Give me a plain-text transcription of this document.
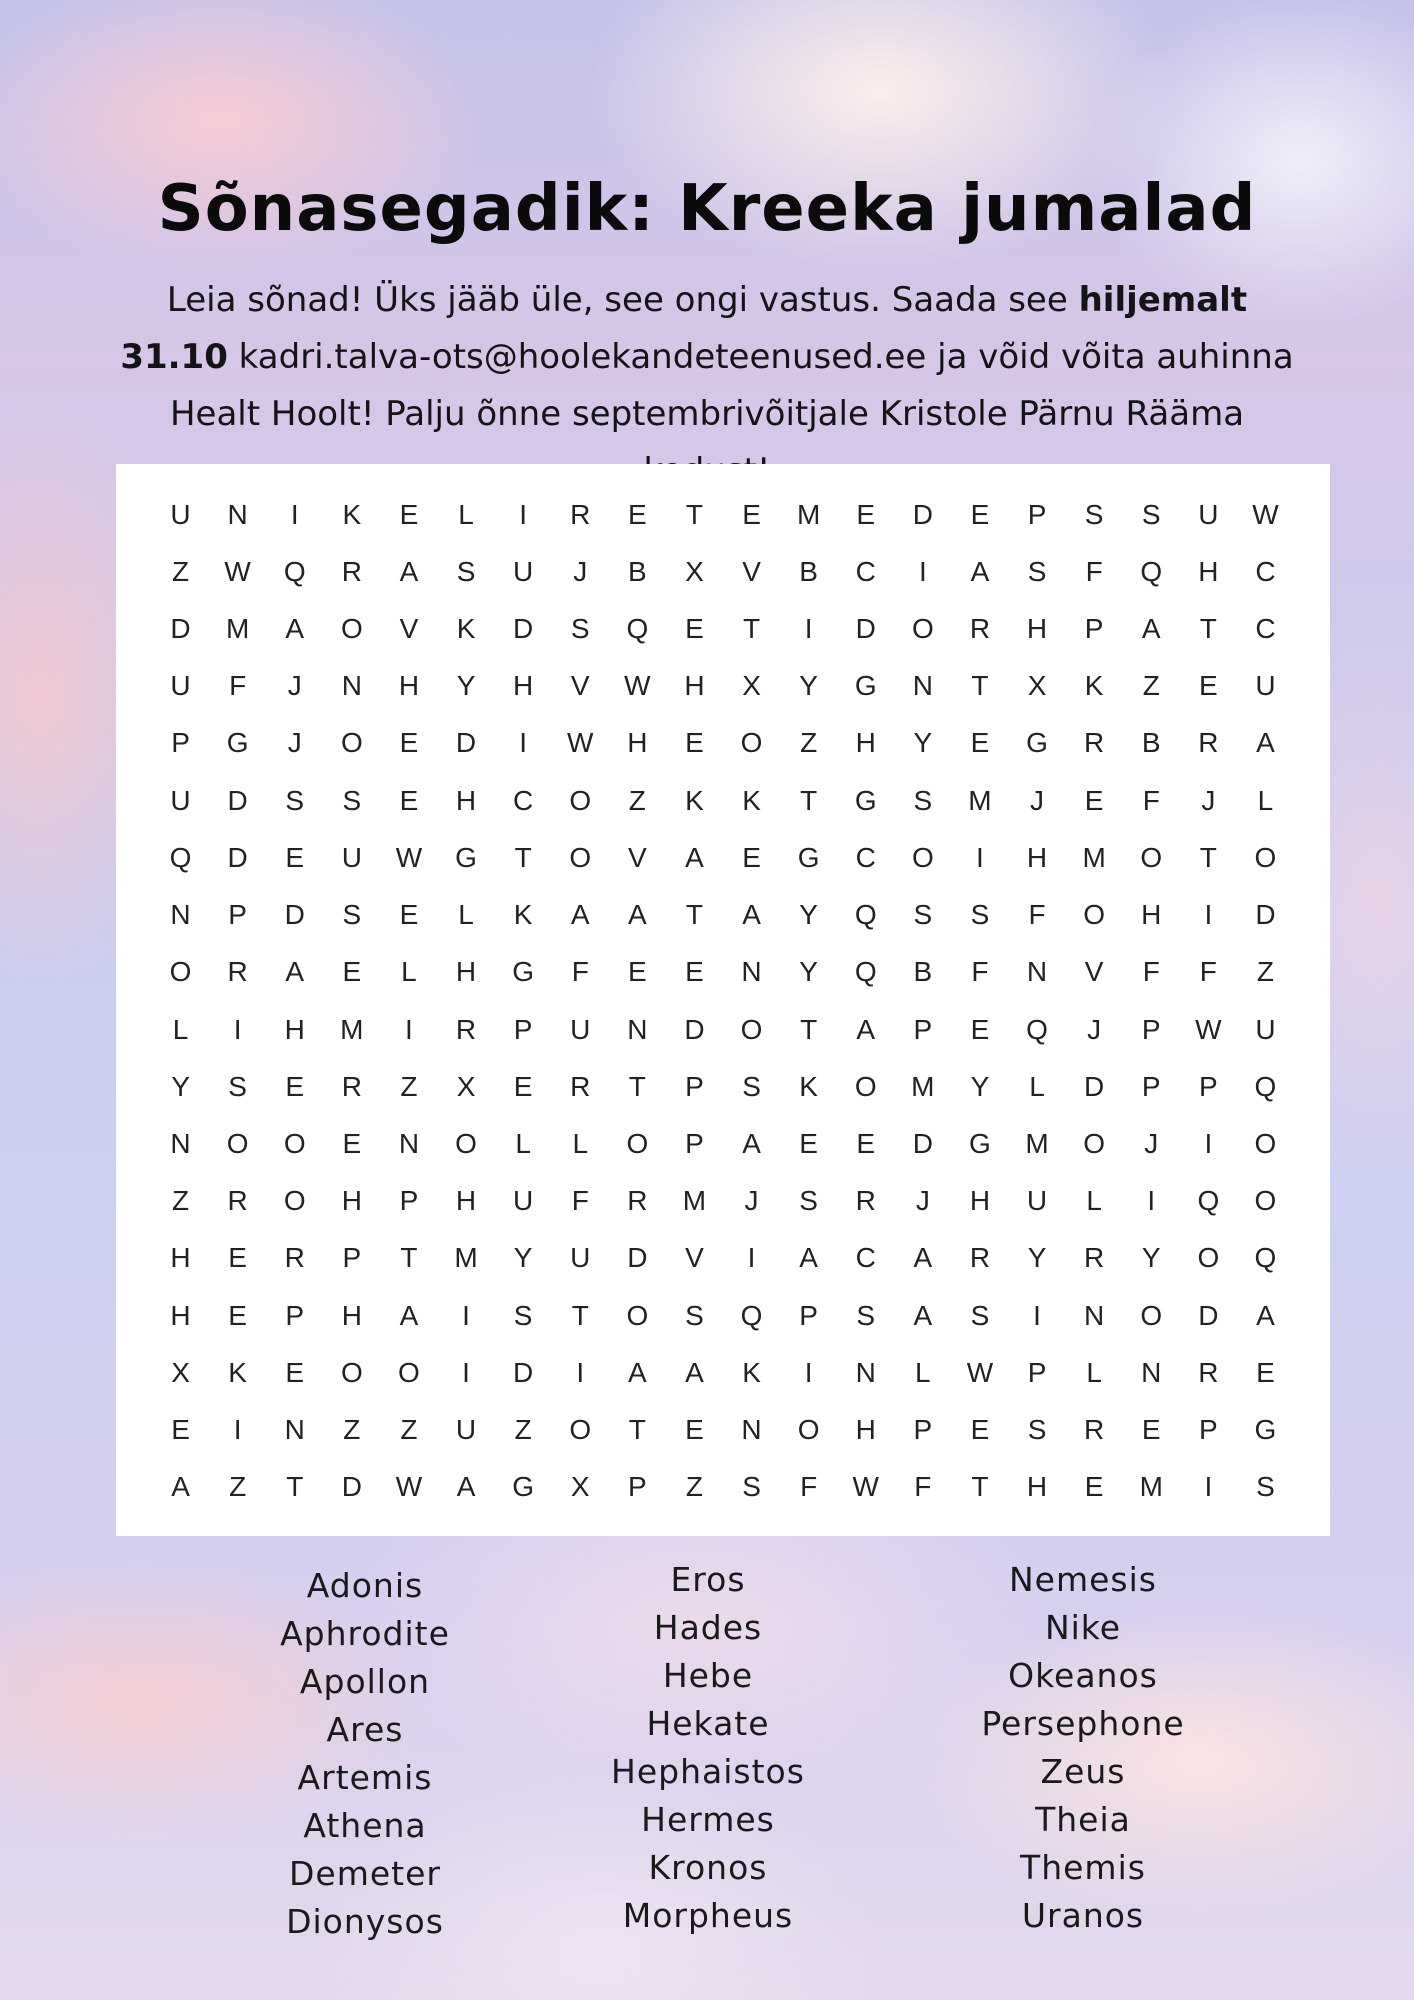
Sõnasegadik: Kreeka jumalad

Leia sõnad! Üks jääb üle, see ongi vastus. Saada see hiljemalt 31.10 kadri.talva-ots@hoolekandeteenused.ee ja võid võita auhinna Healt Hoolt! Palju õnne septembrivõitjale Kristole Pärnu Rääma

U	N	I	K	E	L	I	R	E	T	E	M	E	D	E	P	S	S	U	W
Z	W	Q	R	A	S	U	J	B	X	V	B	C	I	A	S	F	Q	H	C
D	M	A	O	V	K	D	S	Q	E	T	I	D	O	R	H	P	A	T	C
U	F	J	N	H	Y	H	V	W	H	X	Y	G	N	T	X	K	Z	E	U
P	G	J	O	E	D	I	W	H	E	O	Z	H	Y	E	G	R	B	R	A
U	D	S	S	E	H	C	O	Z	K	K	T	G	S	M	J	E	F	J	L
Q	D	E	U	W	G	T	O	V	A	E	G	C	O	I	H	M	O	T	O
N	P	D	S	E	L	K	A	A	T	A	Y	Q	S	S	F	O	H	I	D
O	R	A	E	L	H	G	F	E	E	N	Y	Q	B	F	N	V	F	F	Z
L	I	H	M	I	R	P	U	N	D	O	T	A	P	E	Q	J	P	W	U
Y	S	E	R	Z	X	E	R	T	P	S	K	O	M	Y	L	D	P	P	Q
N	O	O	E	N	O	L	L	O	P	A	E	E	D	G	M	O	J	I	O
Z	R	O	H	P	H	U	F	R	M	J	S	R	J	H	U	L	I	Q	O
H	E	R	P	T	M	Y	U	D	V	I	A	C	A	R	Y	R	Y	O	Q
H	E	P	H	A	I	S	T	O	S	Q	P	S	A	S	I	N	O	D	A
X	K	E	O	O	I	D	I	A	A	K	I	N	L	W	P	L	N	R	E
E	I	N	Z	Z	U	Z	O	T	E	N	O	H	P	E	S	R	E	P	G
A	Z	T	D	W	A	G	X	P	Z	S	F	W	F	T	H	E	M	I	S
Adonis
Aphrodite
Apollon
Ares
Artemis
Athena
Demeter
Dionysos
Eros
Hades
Hebe
Hekate
Hephaistos
Hermes
Kronos
Morpheus
Nemesis
Nike
Okeanos
Persephone
Zeus
Theia
Themis
Uranos
